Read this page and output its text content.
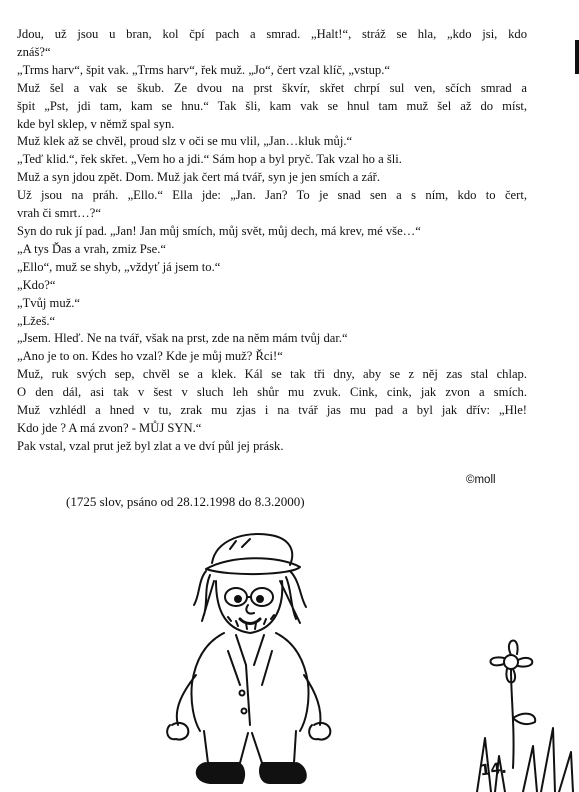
Jdou, už jsou u bran, kol čpí pach a smrad. „Halt!“, stráž se hla, „kdo jsi, kdo
znáš?“
„Trms harv“, špit vak. „Trms harv“, řek muž. „Jo“, čert vzal klíč, „vstup.“
Muž šel a vak se škub. Ze dvou na prst škvír, skřet chrpí sul ven, sčích smrad a
špit „Pst, jdi tam, kam se hnu.“ Tak šli, kam vak se hnul tam muž šel až do míst,
kde byl sklep, v němž spal syn.
Muž klek až se chvěl, proud slz v oči se mu vlil, „Jan…kluk můj.“
„Teď klid.“, řek skřet. „Vem ho a jdi.“ Sám hop a byl pryč. Tak vzal ho a šli.
Muž a syn jdou zpět. Dom. Muž jak čert má tvář, syn je jen smích a zář.
Už jsou na práh. „Ello.“ Ella jde: „Jan. Jan? To je snad sen a s ním, kdo to čert,
vrah či smrt…?“
Syn do ruk jí pad. „Jan! Jan můj smích, můj svět, můj dech, má krev, mé vše…“
„A tys Ďas a vrah, zmiz Pse.“
„Ello“, muž se shyb, „vždyť já jsem to.“
„Kdo?“
„Tvůj muž.“
„Lžeš.“
„Jsem. Hleď. Ne na tvář, však na prst, zde na něm mám tvůj dar.“
„Ano je to on. Kdes ho vzal? Kde je můj muž? Řci!“
Muž, ruk svých sep, chvěl se a klek. Kál se tak tři dny, aby se z něj zas stal chlap.
O den dál, asi tak v šest v sluch leh shůr mu zvuk. Cink, cink, jak zvon a smích.
Muž vzhlédl a hned v tu, zrak mu zjas i na tvář jas mu pad a byl jak dřív: „Hle!
Kdo jde ? A má zvon? - MŮJ SYN.“
Pak vstal, vzal prut jež byl zlat a ve dví půl jej prásk.
©moll
(1725 slov, psáno od 28.12.1998 do 8.3.2000)
14.
